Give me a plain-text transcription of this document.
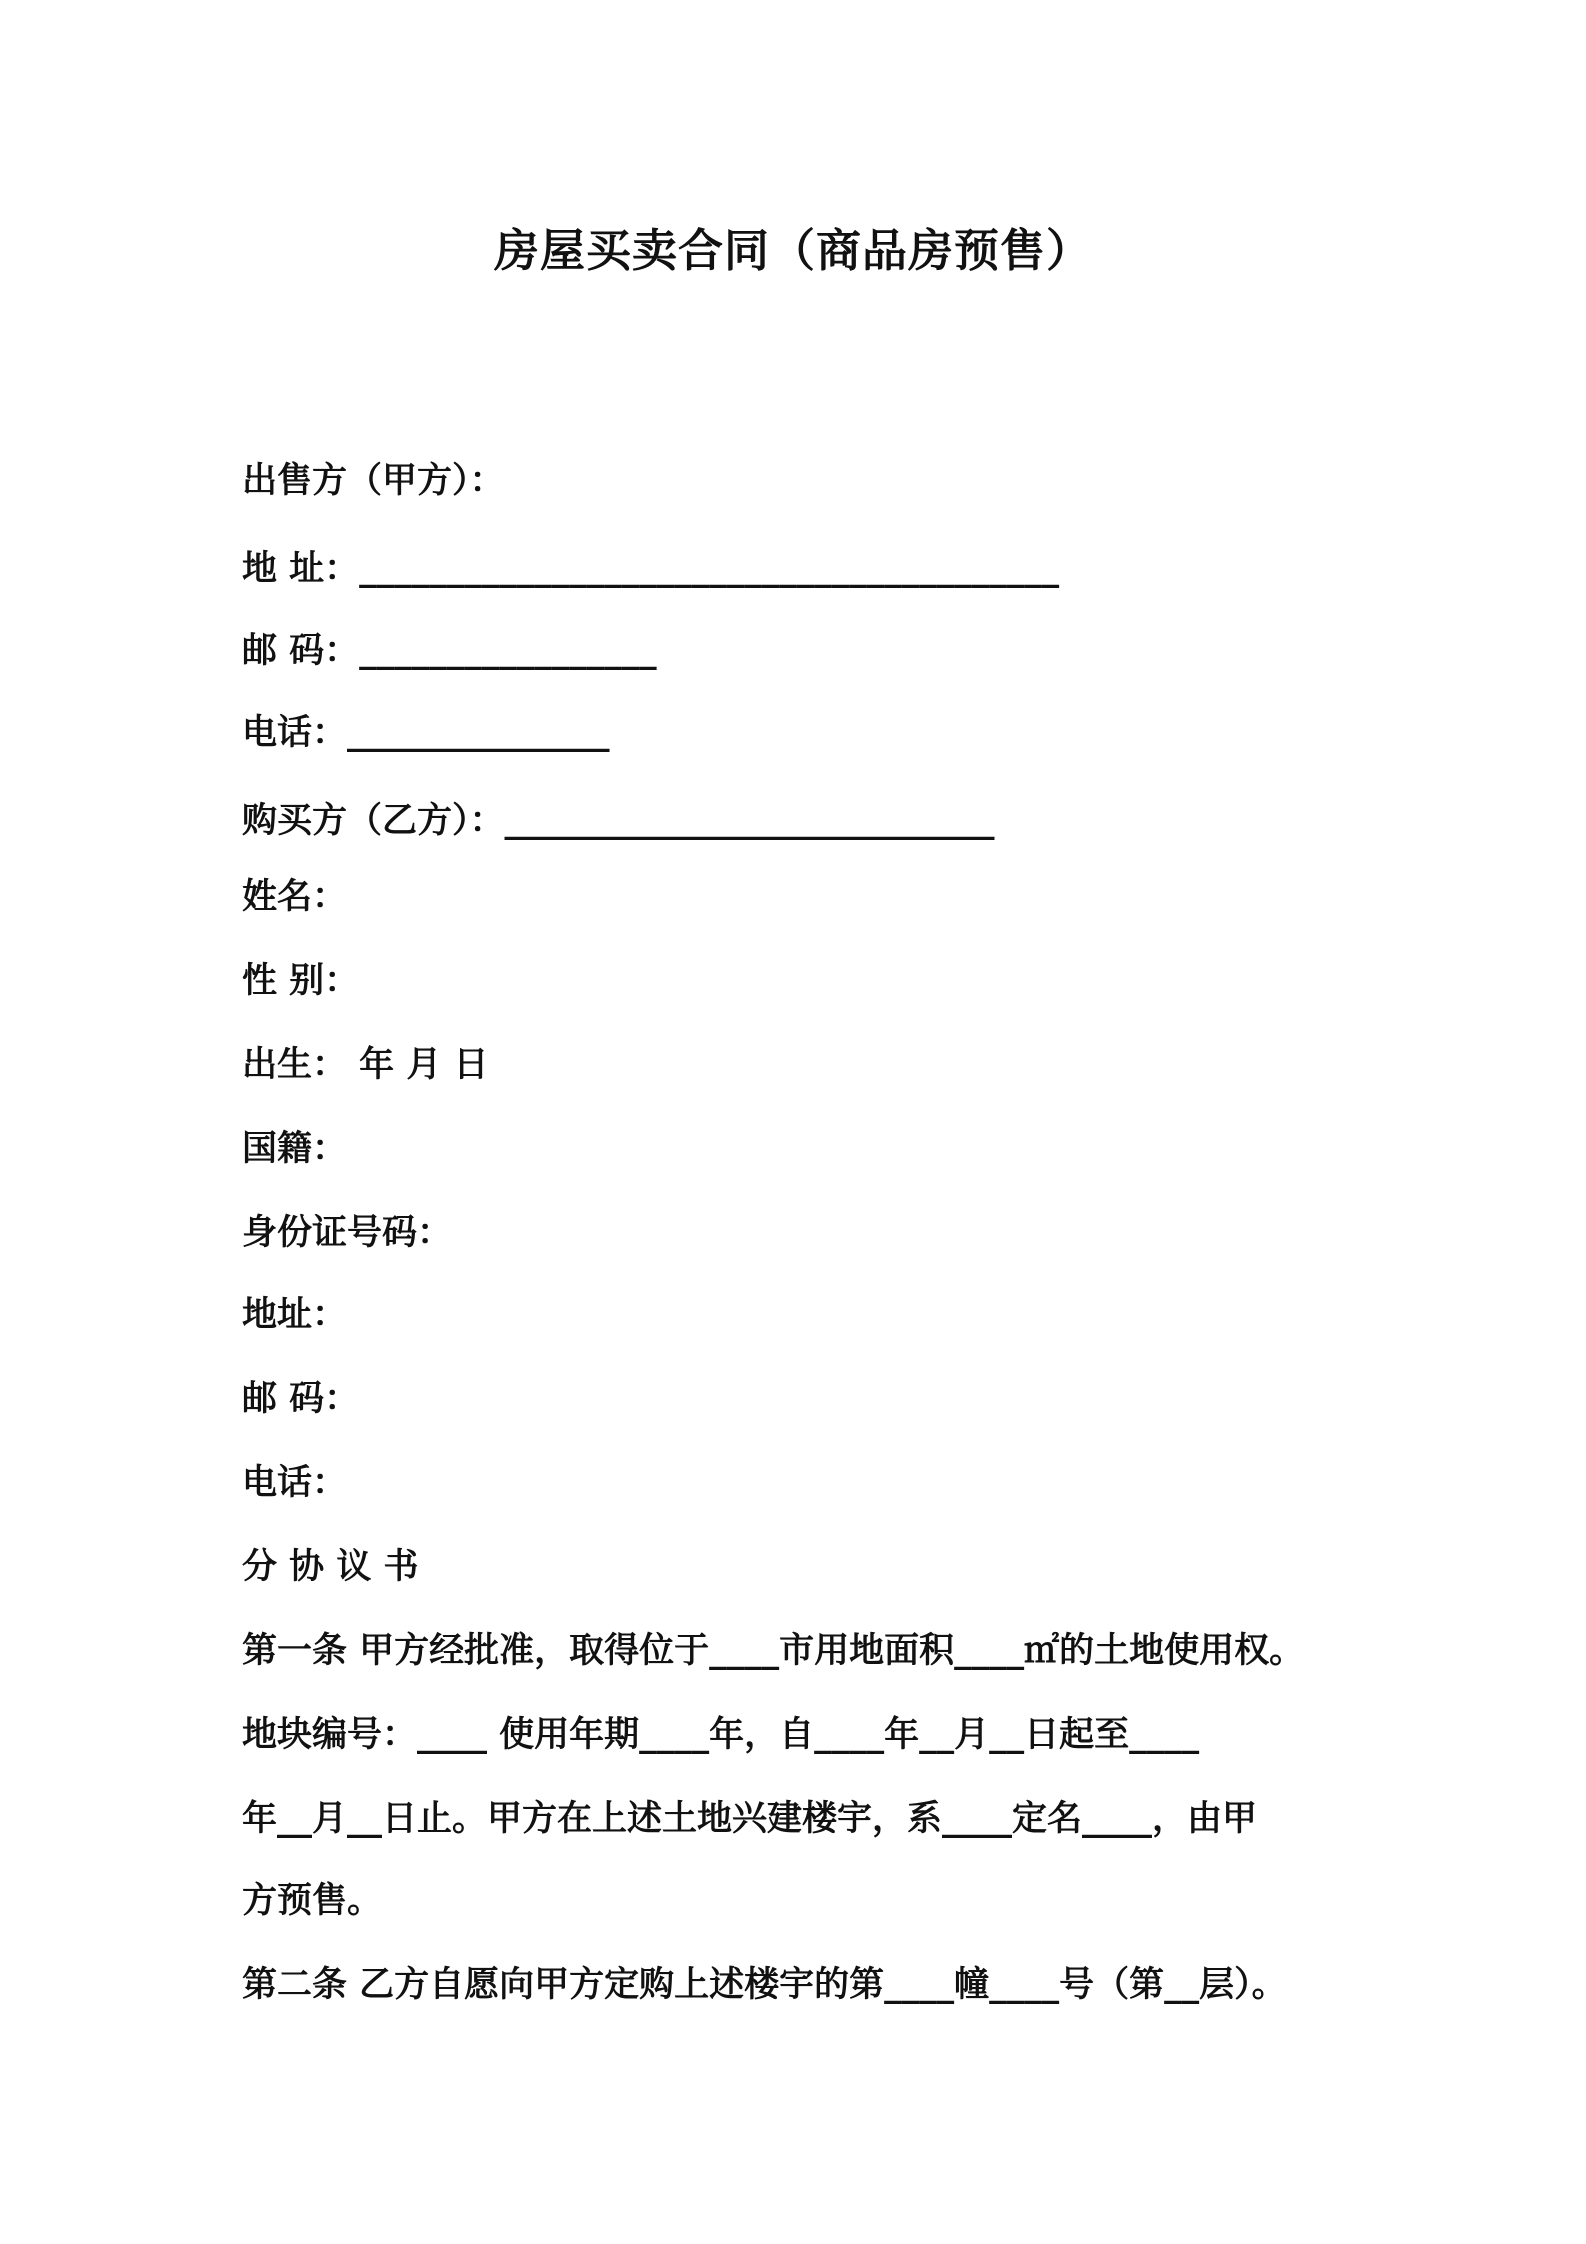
房屋买卖合同（商品房预售）
出售方（甲方）：
地 址：________________________________________
邮 码：_________________
电话：_______________
购买方（乙方）：____________________________
姓名：
性 别：
出生： 年 月 日
国籍：
身份证号码：
地址：
邮 码：
电话：
分 协 议 书
第一条 甲方经批准，取得位于____市用地面积____㎡的土地使用权。
地块编号：____ 使用年期____年，自____年__月__日起至____
年__月__日止。甲方在上述土地兴建楼宇，系____定名____，由甲
方预售。
第二条 乙方自愿向甲方定购上述楼宇的第____幢____号（第__层）。
